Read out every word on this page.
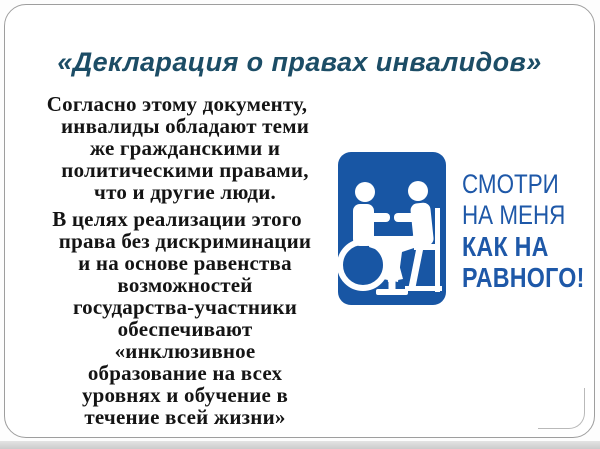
«Декларация о правах инвалидов»
Согласно этому документу,
инвалиды обладают теми
же гражданскими и
политическими правами,
что и другие люди.
В целях реализации этого
права без дискриминации
и на основе равенства
возможностей
государства-участники
обеспечивают
«инклюзивное
образование на всех
уровнях и обучение в
течение всей жизни»
СМОТРИ
НА МЕНЯ
КАК НА
РАВНОГО!
